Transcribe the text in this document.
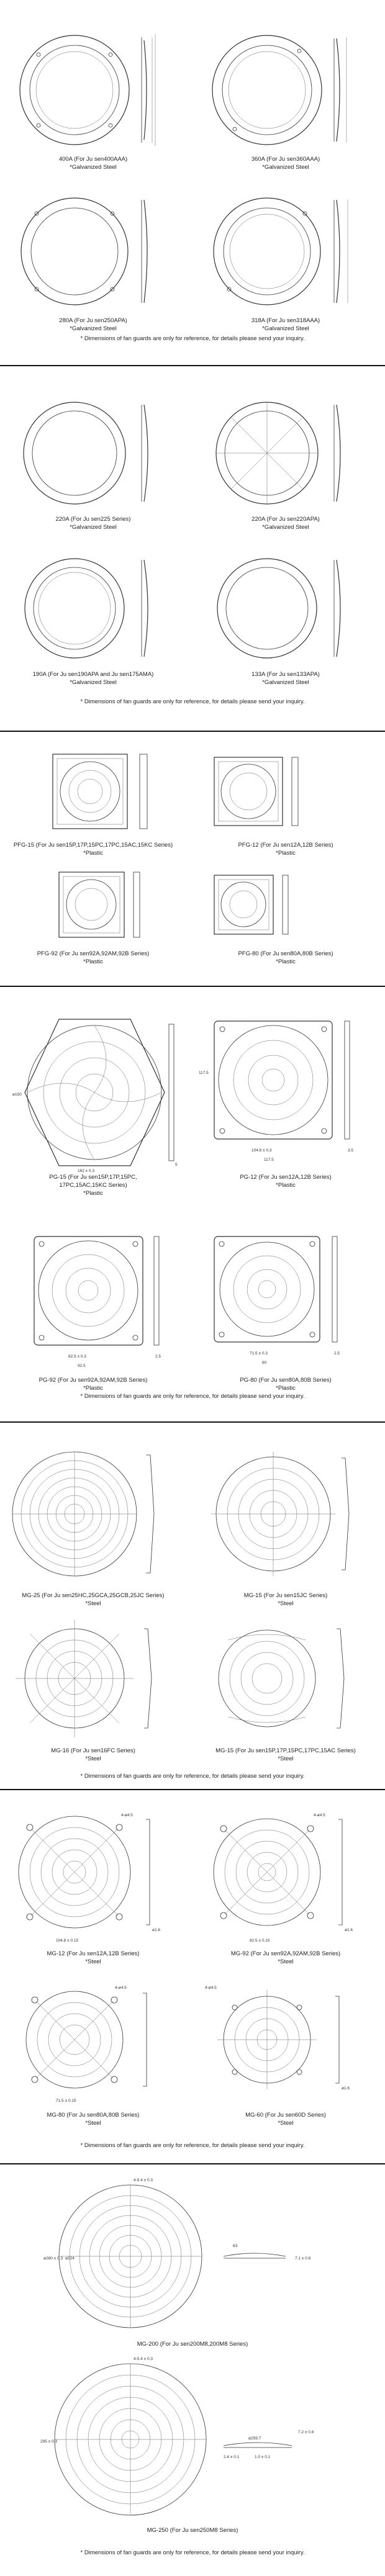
400A (For Ju sen400AAA)
*Galvanized Steel
360A (For Ju sen360AAA)
*Galvanized Steel
280A (For Ju sen250APA)
*Galvanized Steel
318A (For Ju sen318AAA)
*Galvanized Steel
* Dimensions of fan guards are only for reference, for details please send your inquiry.
220A (For Ju sen225 Series)
*Galvanized Steel
220A (For Ju sen220APA)
*Galvanized Steel
190A (For Ju sen190APA and Ju sen175AMA)
*Galvanized Steel
133A (For Ju sen133APA)
*Galvanized Steel
* Dimensions of fan guards are only for reference, for details please send your inquiry.
PFG-15 (For Ju sen15P,17P,15PC,17PC,15AC,15KC Series)
*Plastic
PFG-12 (For Ju sen12A,12B Series)
*Plastic
PFG-92 (For Ju sen92A,92AM,92B Series)
*Plastic
PFG-80 (For Ju sen80A,80B Series)
*Plastic
ø150
162 ± 0.3
5
PG-15 (For Ju sen15P,17P,15PC,
17PC,15AC,15KC Series)
*Plastic
117.5
104.8 ± 0.3
117.5
3.5
PG-12 (For Ju sen12A,12B Series)
*Plastic
82.5 ± 0.3
92.5
2.5
PG-92 (For Ju sen92A,92AM,92B Series)
*Plastic
71.5 ± 0.3
80
2.5
PG-80 (For Ju sen80A,80B Series)
*Plastic
* Dimensions of fan guards are only for reference, for details please send your inquiry.
MG-25 (For Ju sen25HC,25GCA,25GCB,25JC Series)
*Steel
MG-15 (For Ju sen15JC Series)
*Steel
MG-16 (For Ju sen16FC Series)
*Steel
MG-15 (For Ju sen15P,17P,15PC,17PC,15AC Series)
*Steel
* Dimensions of fan guards are only for reference, for details please send your inquiry.
4-ø4.5
104.8 ± 0.15
ø1.6
MG-12 (For Ju sen12A,12B Series)
*Steel
4-ø4.5
82.5 ± 0.15
ø1.6
MG-92 (For Ju sen92A,92AM,92B Series)
*Steel
4-ø4.5
71.5 ± 0.15
MG-80 (For Ju sen80A,80B Series)
*Steel
4-ø4.5
ø1.6
MG-60 (For Ju sen60D Series)
*Steel
* Dimensions of fan guards are only for reference, for details please send your inquiry.
4-5.4 ± 0.3
ø260 ± 0.3 ø224
63
7.1 ± 0.8
MG-200 (For Ju sen200M8,200M8 Series)
4-5.4 ± 0.3
295 ± 0.3
ø259.7
7.2 ± 0.8
2.4 ± 0.1	1.0 ± 0.1
MG-250 (For Ju sen250M8 Series)
* Dimensions of fan guards are only for reference, for details please send your inquiry.
